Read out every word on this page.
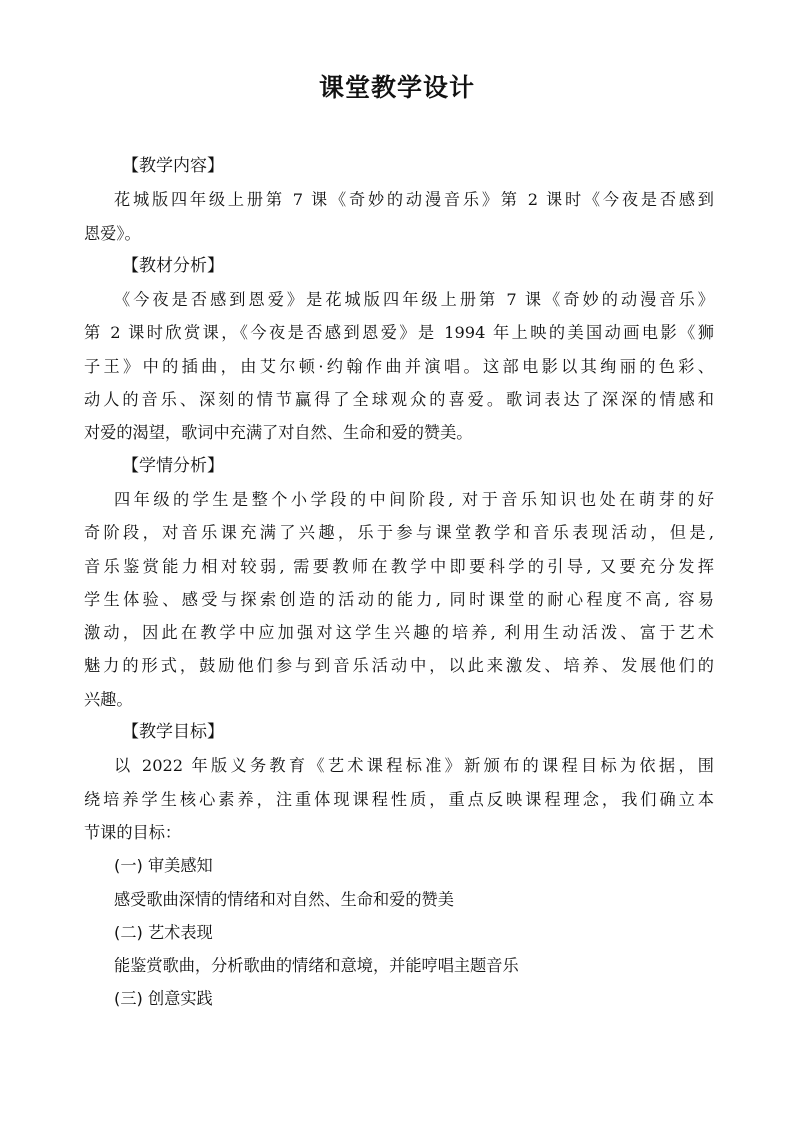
课堂教学设计
【教学内容】
花城版四年级上册第 7 课《奇妙的动漫音乐》第 2 课时《今夜是否感到
恩爱》。
【教材分析】
《今夜是否感到恩爱》是花城版四年级上册第 7 课《奇妙的动漫音乐》
第 2 课时欣赏课，《今夜是否感到恩爱》是 1994 年上映的美国动画电影《狮
子王》中的插曲，由艾尔顿·约翰作曲并演唱。这部电影以其绚丽的色彩、
动人的音乐、深刻的情节赢得了全球观众的喜爱。歌词表达了深深的情感和
对爱的渴望，歌词中充满了对自然、生命和爱的赞美。
【学情分析】
四年级的学生是整个小学段的中间阶段, 对于音乐知识也处在萌芽的好
奇阶段，对音乐课充满了兴趣，乐于参与课堂教学和音乐表现活动，但是,
音乐鉴赏能力相对较弱, 需要教师在教学中即要科学的引导, 又要充分发挥
学生体验、感受与探索创造的活动的能力, 同时课堂的耐心程度不高, 容易
激动，因此在教学中应加强对这学生兴趣的培养, 利用生动活泼、富于艺术
魅力的形式，鼓励他们参与到音乐活动中，以此来激发、培养、发展他们的
兴趣。
【教学目标】
以 2022 年版义务教育《艺术课程标准》新颁布的课程目标为依据，围
绕培养学生核心素养，注重体现课程性质，重点反映课程理念，我们确立本
节课的目标：
(一) 审美感知
感受歌曲深情的情绪和对自然、生命和爱的赞美
(二) 艺术表现
能鉴赏歌曲，分析歌曲的情绪和意境，并能哼唱主题音乐
(三) 创意实践
